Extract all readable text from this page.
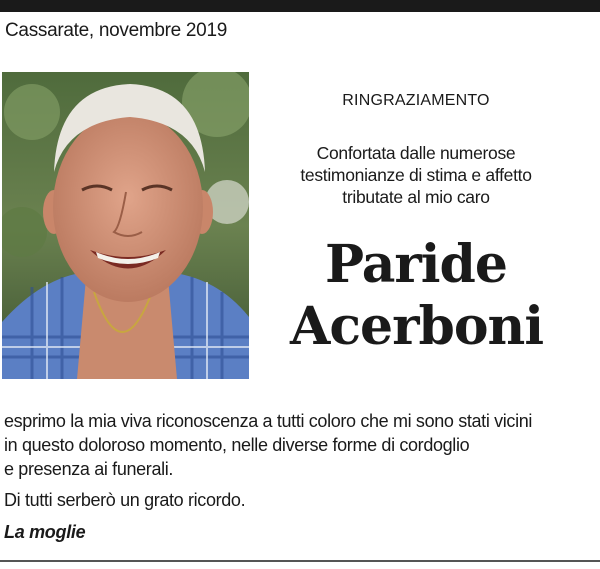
Cassarate, novembre 2019
RINGRAZIAMENTO
Confortata dalle numerose
testimonianze di stima e affetto
tributate al mio caro
Paride
Acerboni
esprimo la mia viva riconoscenza a tutti coloro che mi sono stati vicini
in questo doloroso momento, nelle diverse forme di cordoglio
e presenza ai funerali.
Di tutti serberò un grato ricordo.
La moglie
